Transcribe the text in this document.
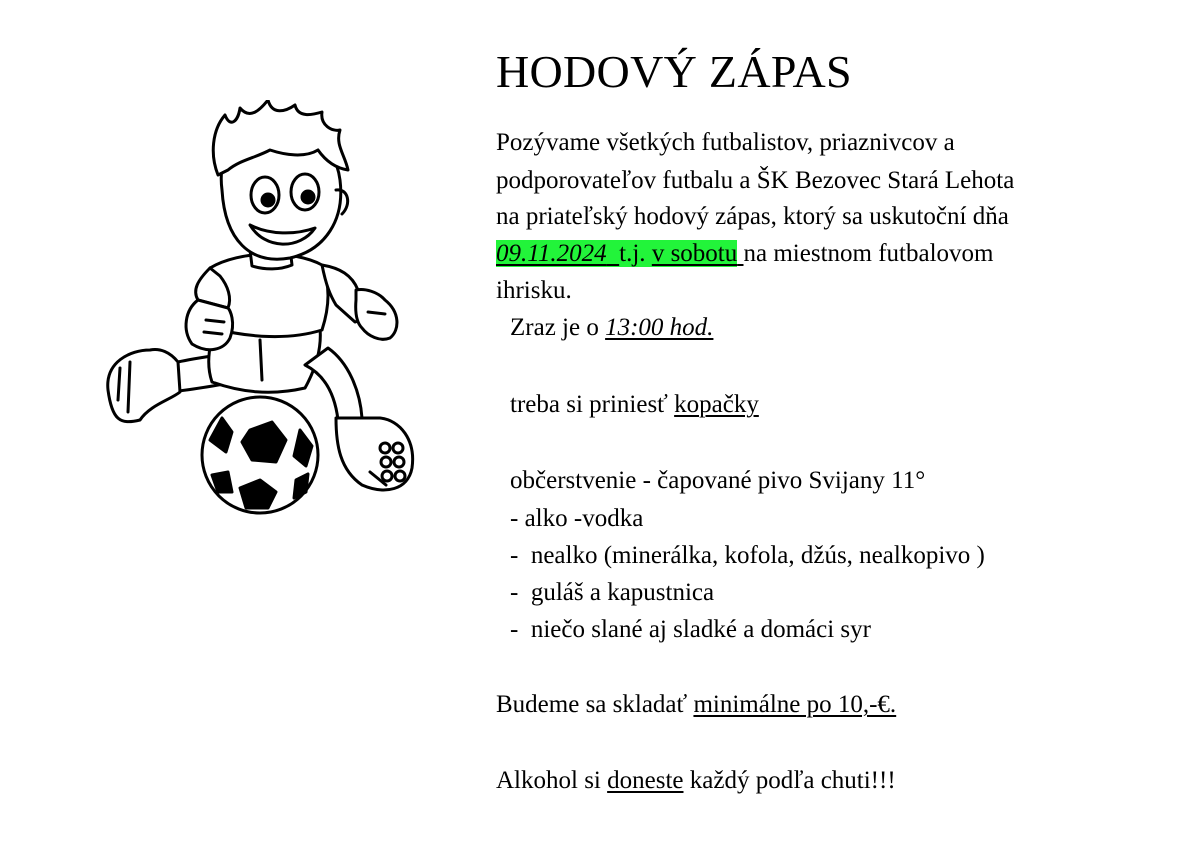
HODOVÝ ZÁPAS
Pozývame všetkých futbalistov, priaznivcov a
podporovateľov futbalu a ŠK Bezovec Stará Lehota
na priateľský hodový zápas, ktorý sa uskutoční dňa
09.11.2024 t.j. v sobotu na miestnom futbalovom
ihrisku.
Zraz je o 13:00 hod.
treba si priniesť kopačky
občerstvenie - čapované pivo Svijany 11°
- alko -vodka
-  nealko (minerálka, kofola, džús, nealkopivo )
-  guláš a kapustnica
-  niečo slané aj sladké a domáci syr
Budeme sa skladať minimálne po 10,-€.
Alkohol si doneste každý podľa chuti!!!
